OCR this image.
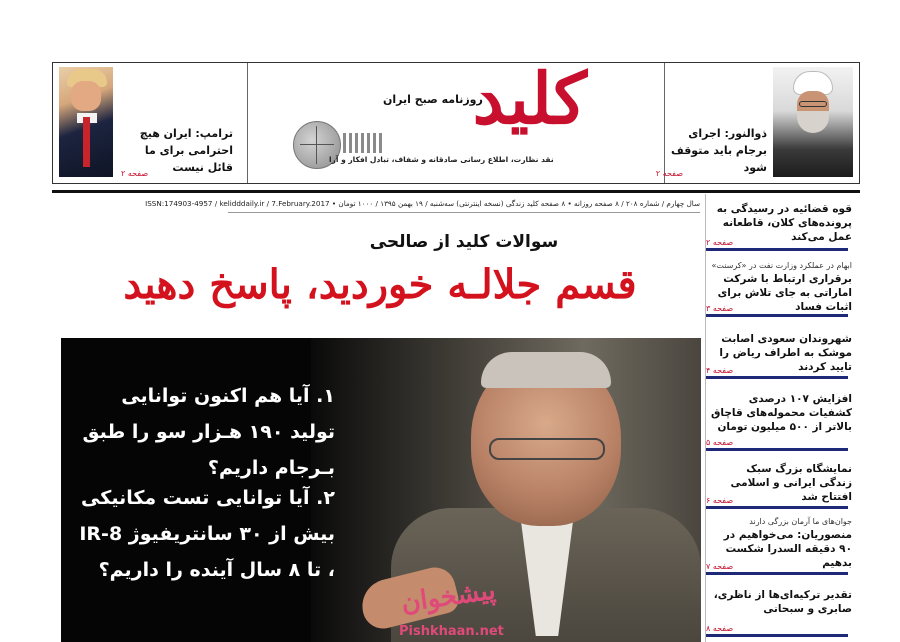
ترامپ: ایران هیچ احترامی برای ما قائل نیست
صفحه ۲
روزنامه صبح ایران
کلید
نقد نظارت، اطلاع رسانی صادقانه و شفاف، تبادل افکار و آرا
ذوالنور: اجرای برجام باید متوقف شود
صفحه ۲
سال چهارم / شماره ۲۰۸ / ۸ صفحه روزانه • ۸ صفحه کلید زندگی (نسخه اینترنتی) سه‌شنبه / ۱۹ بهمن ۱۳۹۵ / ۱۰۰۰ تومان • ISSN:174903-4957 / kelidddaily.ir / 7.February.2017
سوالات کلید از صالحی
قسم جلالـه خوردید، پاسخ دهید
۱. آیا هم اکنون توانایی تولید ۱۹۰ هـزار سو را طبق بـرجام داریم؟
۲. آیا توانایی تست مکانیکی بیش از ۳۰ سانتریفیوژ IR-8 ، تا ۸ سال آینده را داریم؟
پیشخوان
Pishkhaan.net
قوه قضائیه در رسیدگی به پرونده‌های کلان، قاطعانه عمل می‌کند
صفحه ۲
ابهام در عملکرد وزارت نفت در «کرسنت»
برقراری ارتباط با شرکت اماراتی به جای تلاش برای اثبات فساد
صفحه ۳
شهروندان سعودی اصابت موشک به اطراف ریاض را تایید کردند
صفحه ۴
افزایش ۱۰۷ درصدی کشفیات محموله‌های قاچاق بالاتر از ۵۰۰ میلیون تومان
صفحه ۵
نمایشگاه بزرگ سبک زندگی ایرانی و اسلامی افتتاح شد
صفحه ۶
جوان‌های ما آرمان بزرگی دارند
منصوریان: می‌خواهیم در ۹۰ دقیقه السدرا شکست بدهیم
صفحه ۷
تقدیر ترکیه‌ای‌ها از ناظری، صابری و سبحانی
صفحه ۸
